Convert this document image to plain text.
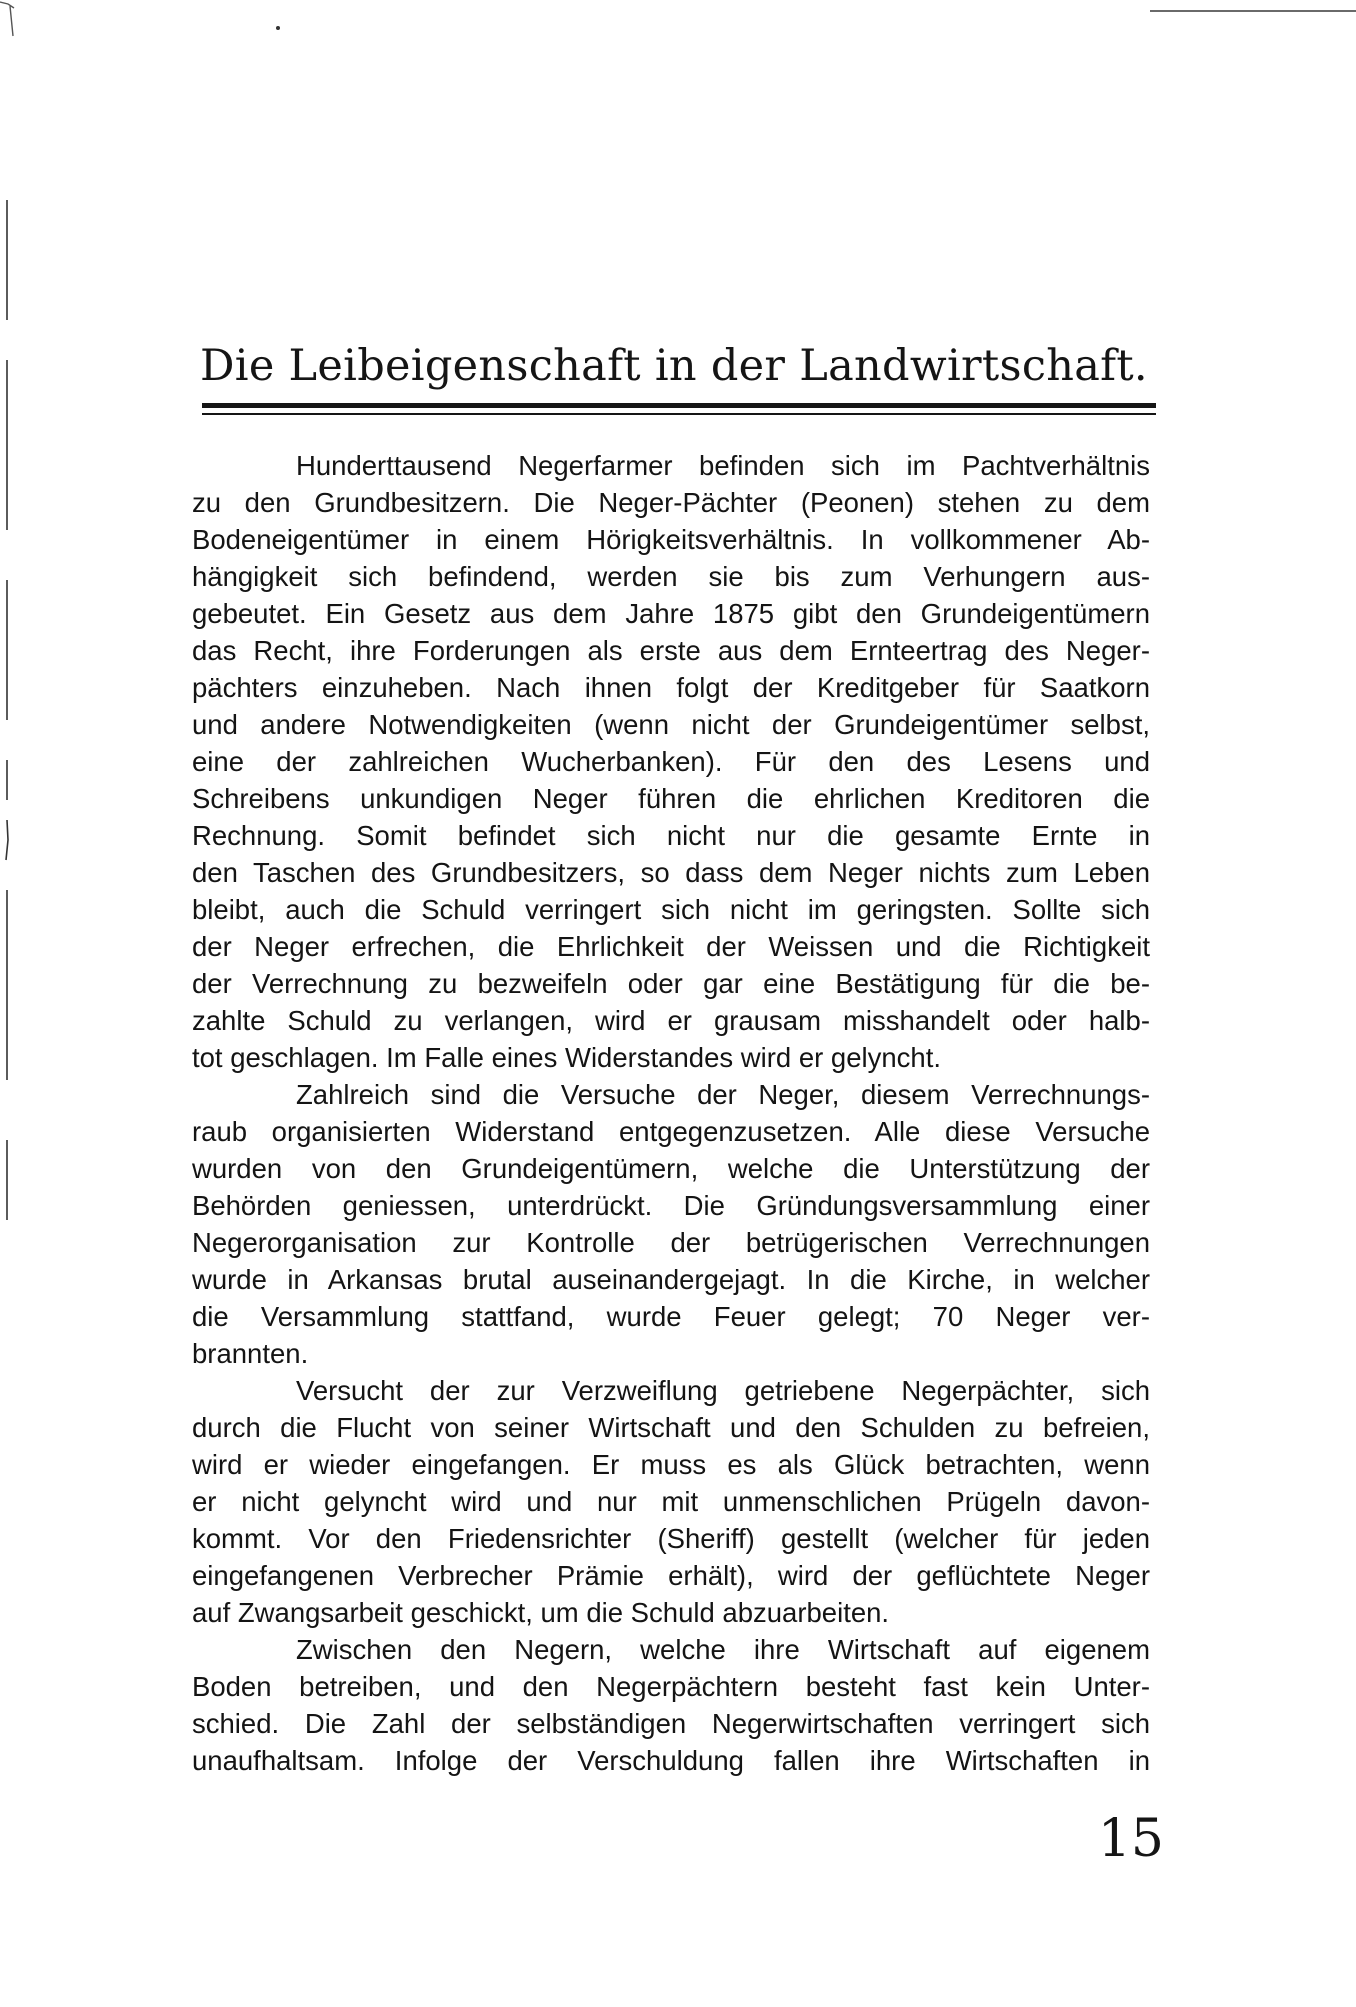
Die Leibeigenschaft in der Landwirtschaft.
Hunderttausend Negerfarmer befinden sich im Pachtverhältnis
zu den Grundbesitzern. Die Neger-Pächter (Peonen) stehen zu dem
Bodeneigentümer in einem Hörigkeitsverhältnis. In vollkommener Ab-
hängigkeit sich befindend, werden sie bis zum Verhungern aus-
gebeutet. Ein Gesetz aus dem Jahre 1875 gibt den Grundeigentümern
das Recht, ihre Forderungen als erste aus dem Ernteertrag des Neger-
pächters einzuheben. Nach ihnen folgt der Kreditgeber für Saatkorn
und andere Notwendigkeiten (wenn nicht der Grundeigentümer selbst,
eine der zahlreichen Wucherbanken). Für den des Lesens und
Schreibens unkundigen Neger führen die ehrlichen Kreditoren die
Rechnung. Somit befindet sich nicht nur die gesamte Ernte in
den Taschen des Grundbesitzers, so dass dem Neger nichts zum Leben
bleibt, auch die Schuld verringert sich nicht im geringsten. Sollte sich
der Neger erfrechen, die Ehrlichkeit der Weissen und die Richtigkeit
der Verrechnung zu bezweifeln oder gar eine Bestätigung für die be-
zahlte Schuld zu verlangen, wird er grausam misshandelt oder halb-
tot geschlagen. Im Falle eines Widerstandes wird er gelyncht.
Zahlreich sind die Versuche der Neger, diesem Verrechnungs-
raub organisierten Widerstand entgegenzusetzen. Alle diese Versuche
wurden von den Grundeigentümern, welche die Unterstützung der
Behörden geniessen, unterdrückt. Die Gründungsversammlung einer
Negerorganisation zur Kontrolle der betrügerischen Verrechnungen
wurde in Arkansas brutal auseinandergejagt. In die Kirche, in welcher
die Versammlung stattfand, wurde Feuer gelegt; 70 Neger ver-
brannten.
Versucht der zur Verzweiflung getriebene Negerpächter, sich
durch die Flucht von seiner Wirtschaft und den Schulden zu befreien,
wird er wieder eingefangen. Er muss es als Glück betrachten, wenn
er nicht gelyncht wird und nur mit unmenschlichen Prügeln davon-
kommt. Vor den Friedensrichter (Sheriff) gestellt (welcher für jeden
eingefangenen Verbrecher Prämie erhält), wird der geflüchtete Neger
auf Zwangsarbeit geschickt, um die Schuld abzuarbeiten.
Zwischen den Negern, welche ihre Wirtschaft auf eigenem
Boden betreiben, und den Negerpächtern besteht fast kein Unter-
schied. Die Zahl der selbständigen Negerwirtschaften verringert sich
unaufhaltsam. Infolge der Verschuldung fallen ihre Wirtschaften in
15
